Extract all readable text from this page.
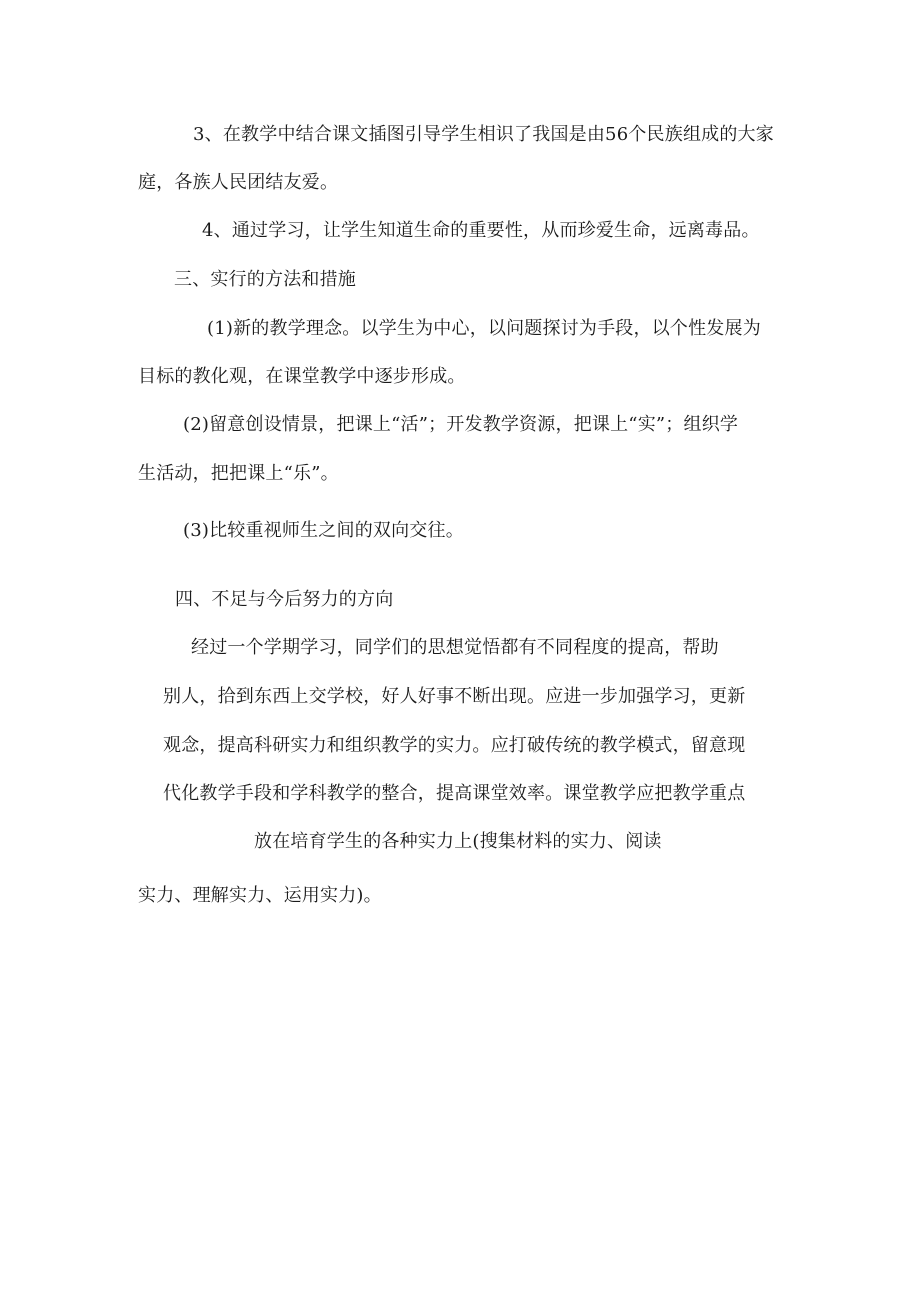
3、在教学中结合课文插图引导学生相识了我国是由56个民族组成的大家
庭，各族人民团结友爱。
4、通过学习，让学生知道生命的重要性，从而珍爱生命，远离毒品。
三、实行的方法和措施
(1)新的教学理念。以学生为中心，以问题探讨为手段，以个性发展为
目标的教化观，在课堂教学中逐步形成。
(2)留意创设情景，把课上“活”；开发教学资源，把课上“实”；组织学
生活动，把把课上“乐”。
(3)比较重视师生之间的双向交往。
四、不足与今后努力的方向
经过一个学期学习，同学们的思想觉悟都有不同程度的提高，帮助
别人，拾到东西上交学校，好人好事不断出现。应进一步加强学习，更新
观念，提高科研实力和组织教学的实力。应打破传统的教学模式，留意现
代化教学手段和学科教学的整合，提高课堂效率。课堂教学应把教学重点
放在培育学生的各种实力上(搜集材料的实力、阅读
实力、理解实力、运用实力)。
